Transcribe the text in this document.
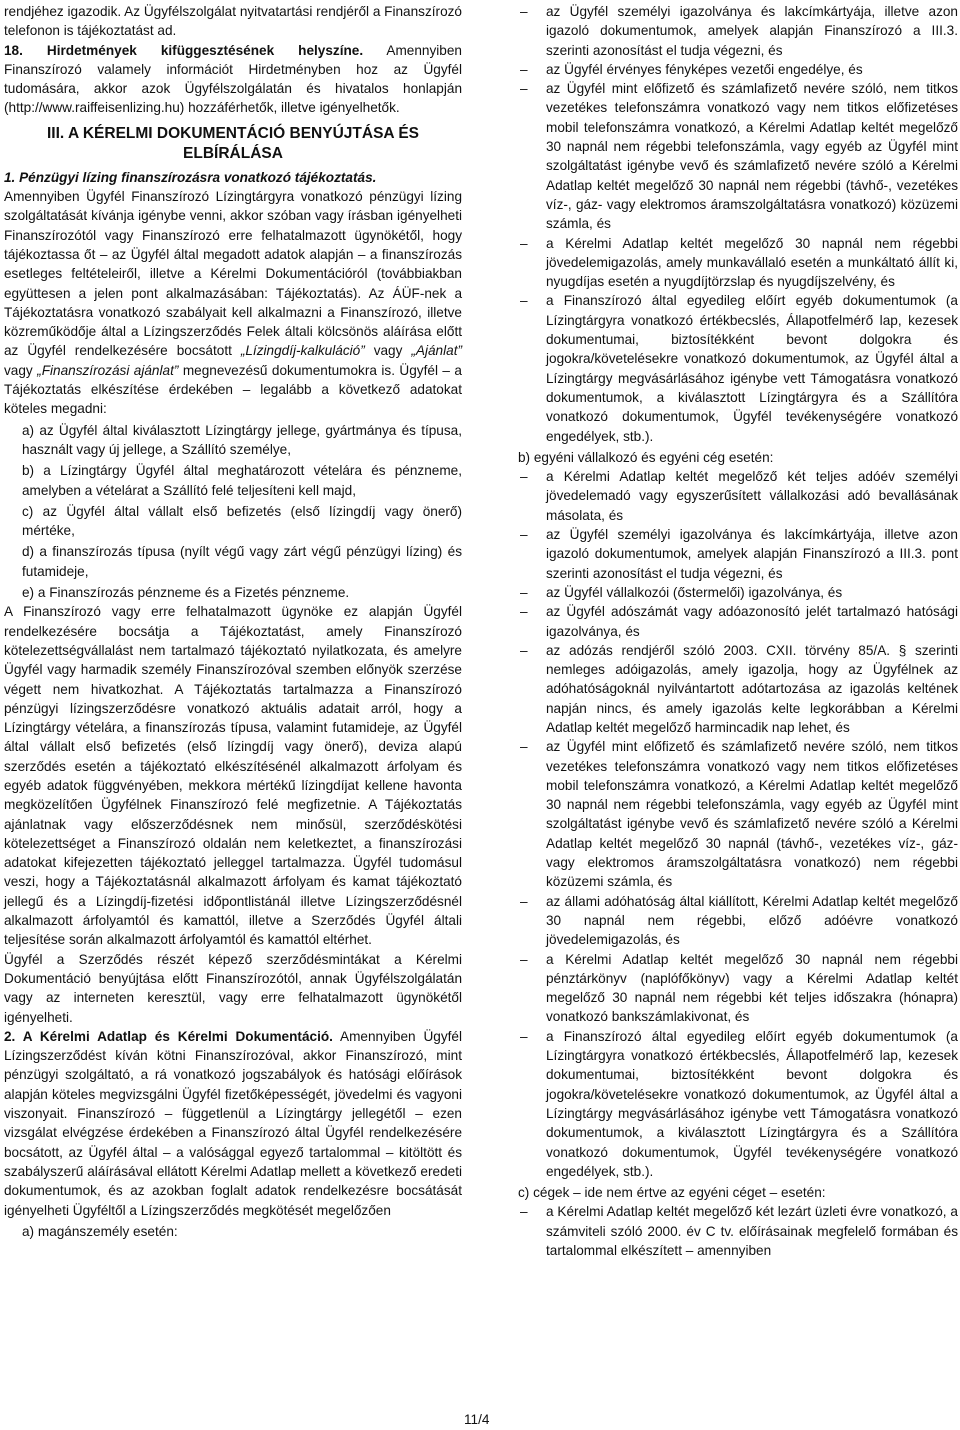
rendjéhez igazodik. Az Ügyfélszolgálat nyitvatartási rendjéről a Finanszírozó telefonon is tájékoztatást ad.

18. Hirdetmények kifüggesztésének helyszíne. Amennyiben Finanszírozó valamely információt Hirdetményben hoz az Ügyfél tudomására, akkor azok Ügyfélszolgálatán és hivatalos honlapján (http://www.raiffeisenlizing.hu) hozzáférhetők, illetve igényelhetők.

III. A KÉRELMI DOKUMENTÁCIÓ BENYÚJTÁSA ÉS ELBÍRÁLÁSA

1. Pénzügyi lízing finanszírozásra vonatkozó tájékoztatás.

Amennyiben Ügyfél Finanszírozó Lízingtárgyra vonatkozó pénzügyi lízing szolgáltatását kívánja igénybe venni, akkor szóban vagy írásban igényelheti Finanszírozótól vagy Finanszírozó erre felhatalmazott ügynökétől, hogy tájékoztassa őt – az Ügyfél által megadott adatok alapján – a finanszírozás esetleges feltételeiről, illetve a Kérelmi Dokumentációról (továbbiakban együttesen a jelen pont alkalmazásában: Tájékoztatás). Az ÁÜF-nek a Tájékoztatásra vonatkozó szabályait kell alkalmazni a Finanszírozó, illetve közreműködője által a Lízingszerződés Felek általi kölcsönös aláírása előtt az Ügyfél rendelkezésére bocsátott „Lízingdíj-kalkuláció” vagy „Ajánlat” vagy „Finanszírozási ajánlat” megnevezésű dokumentumokra is. Ügyfél – a Tájékoztatás elkészítése érdekében – legalább a következő adatokat köteles megadni:

a) az Ügyfél által kiválasztott Lízingtárgy jellege, gyártmánya és típusa, használt vagy új jellege, a Szállító személye,

b) a Lízingtárgy Ügyfél által meghatározott vételára és pénzneme, amelyben a vételárat a Szállító felé teljesíteni kell majd,

c) az Ügyfél által vállalt első befizetés (első lízingdíj vagy önerő) mértéke,

d) a finanszírozás típusa (nyílt végű vagy zárt végű pénzügyi lízing) és futamideje,

e) a Finanszírozás pénzneme és a Fizetés pénzneme.

A Finanszírozó vagy erre felhatalmazott ügynöke ez alapján Ügyfél rendelkezésére bocsátja a Tájékoztatást, amely Finanszírozó kötelezettségvállalást nem tartalmazó tájékoztató nyilatkozata, és amelyre Ügyfél vagy harmadik személy Finanszírozóval szemben előnyök szerzése végett nem hivatkozhat. A Tájékoztatás tartalmazza a Finanszírozó pénzügyi lízingszerződésre vonatkozó aktuális adatait arról, hogy a Lízingtárgy vételára, a finanszírozás típusa, valamint futamideje, az Ügyfél által vállalt első befizetés (első lízingdíj vagy önerő), deviza alapú szerződés esetén a tájékoztató elkészítésénél alkalmazott árfolyam és egyéb adatok függvényében, mekkora mértékű lízingdíjat kellene havonta megközelítően Ügyfélnek Finanszírozó felé megfizetnie. A Tájékoztatás ajánlatnak vagy előszerződésnek nem minősül, szerződéskötési kötelezettséget a Finanszírozó oldalán nem keletkeztet, a finanszírozási adatokat kifejezetten tájékoztató jelleggel tartalmazza. Ügyfél tudomásul veszi, hogy a Tájékoztatásnál alkalmazott árfolyam és kamat tájékoztató jellegű és a Lízingdíj-fizetési időpontlistánál illetve Lízingszerződésnél alkalmazott árfolyamtól és kamattól, illetve a Szerződés Ügyfél általi teljesítése során alkalmazott árfolyamtól és kamattól eltérhet.

Ügyfél a Szerződés részét képező szerződésmintákat a Kérelmi Dokumentáció benyújtása előtt Finanszírozótól, annak Ügyfélszolgálatán vagy az interneten keresztül, vagy erre felhatalmazott ügynökétől igényelheti.

2. A Kérelmi Adatlap és Kérelmi Dokumentáció. Amennyiben Ügyfél Lízingszerződést kíván kötni Finanszírozóval, akkor Finanszírozó, mint pénzügyi szolgáltató, a rá vonatkozó jogszabályok és hatósági előírások alapján köteles megvizsgálni Ügyfél fizetőképességét, jövedelmi és vagyoni viszonyait. Finanszírozó – függetlenül a Lízingtárgy jellegétől – ezen vizsgálat elvégzése érdekében a Finanszírozó által Ügyfél rendelkezésére bocsátott, az Ügyfél által – a valósággal egyező tartalommal – kitöltött és szabályszerű aláírásával ellátott Kérelmi Adatlap mellett a következő eredeti dokumentumok, és az azokban foglalt adatok rendelkezésre bocsátását igényelheti Ügyféltől a Lízingszerződés megkötését megelőzően

a) magánszemély esetén:

– az Ügyfél személyi igazolványa és lakcímkártyája, illetve azon igazoló dokumentumok, amelyek alapján Finanszírozó a III.3. szerinti azonosítást el tudja végezni, és
– az Ügyfél érvényes fényképes vezetői engedélye, és
– az Ügyfél mint előfizető és számlafizető nevére szóló, nem titkos vezetékes telefonszámra vonatkozó vagy nem titkos előfizetéses mobil telefonszámra vonatkozó, a Kérelmi Adatlap keltét megelőző 30 napnál nem régebbi telefonszámla, vagy egyéb az Ügyfél mint szolgáltatást igénybe vevő és számlafizető nevére szóló a Kérelmi Adatlap keltét megelőző 30 napnál nem régebbi (távhő-, vezetékes víz-, gáz- vagy elektromos áramszolgáltatásra vonatkozó) közüzemi számla, és
– a Kérelmi Adatlap keltét megelőző 30 napnál nem régebbi jövedelemigazolás, amely munkavállaló esetén a munkáltató állít ki, nyugdíjas esetén a nyugdíjtörzslap és nyugdíjszelvény, és
– a Finanszírozó által egyedileg előírt egyéb dokumentumok (a Lízingtárgyra vonatkozó értékbecslés, Állapotfelmérő lap, kezesek dokumentumai, biztosítékként bevont dolgokra és jogokra/követelésekre vonatkozó dokumentumok, az Ügyfél által a Lízingtárgy megvásárlásához igénybe vett Támogatásra vonatkozó dokumentumok, a kiválasztott Lízingtárgyra és a Szállítóra vonatkozó dokumentumok, Ügyfél tevékenységére vonatkozó engedélyek, stb.).

b) egyéni vállalkozó és egyéni cég esetén:

– a Kérelmi Adatlap keltét megelőző két teljes adóév személyi jövedelemadó vagy egyszerűsített vállalkozási adó bevallásának másolata, és
– az Ügyfél személyi igazolványa és lakcímkártyája, illetve azon igazoló dokumentumok, amelyek alapján Finanszírozó a III.3. pont szerinti azonosítást el tudja végezni, és
– az Ügyfél vállalkozói (őstermelői) igazolványa, és
– az Ügyfél adószámát vagy adóazonosító jelét tartalmazó hatósági igazolványa, és
– az adózás rendjéről szóló 2003. CXII. törvény 85/A. § szerinti nemleges adóigazolás, amely igazolja, hogy az Ügyfélnek az adóhatóságoknál nyilvántartott adótartozása az igazolás keltének napján nincs, és amely igazolás kelte legkorábban a Kérelmi Adatlap keltét megelőző harmincadik nap lehet, és
– az Ügyfél mint előfizető és számlafizető nevére szóló, nem titkos vezetékes telefonszámra vonatkozó vagy nem titkos előfizetéses mobil telefonszámra vonatkozó, a Kérelmi Adatlap keltét megelőző 30 napnál nem régebbi telefonszámla, vagy egyéb az Ügyfél mint szolgáltatást igénybe vevő és számlafizető nevére szóló a Kérelmi Adatlap keltét megelőző 30 napnál (távhő-, vezetékes víz-, gáz- vagy elektromos áramszolgáltatásra vonatkozó) nem régebbi közüzemi számla, és
– az állami adóhatóság által kiállított, Kérelmi Adatlap keltét megelőző 30 napnál nem régebbi, előző adóévre vonatkozó jövedelemigazolás, és
– a Kérelmi Adatlap keltét megelőző 30 napnál nem régebbi pénztárkönyv (naplófőkönyv) vagy a Kérelmi Adatlap keltét megelőző 30 napnál nem régebbi két teljes időszakra (hónapra) vonatkozó bankszámlakivonat, és
– a Finanszírozó által egyedileg előírt egyéb dokumentumok (a Lízingtárgyra vonatkozó értékbecslés, Állapotfelmérő lap, kezesek dokumentumai, biztosítékként bevont dolgokra és jogokra/követelésekre vonatkozó dokumentumok, az Ügyfél által a Lízingtárgy megvásárlásához igénybe vett Támogatásra vonatkozó dokumentumok, a kiválasztott Lízingtárgyra és a Szállítóra vonatkozó dokumentumok, Ügyfél tevékenységére vonatkozó engedélyek, stb.).

c) cégek – ide nem értve az egyéni céget – esetén:

– a Kérelmi Adatlap keltét megelőző két lezárt üzleti évre vonatkozó, a számviteli szóló 2000. év C tv. előírásainak megfelelő formában és tartalommal elkészített – amennyiben
11/4
